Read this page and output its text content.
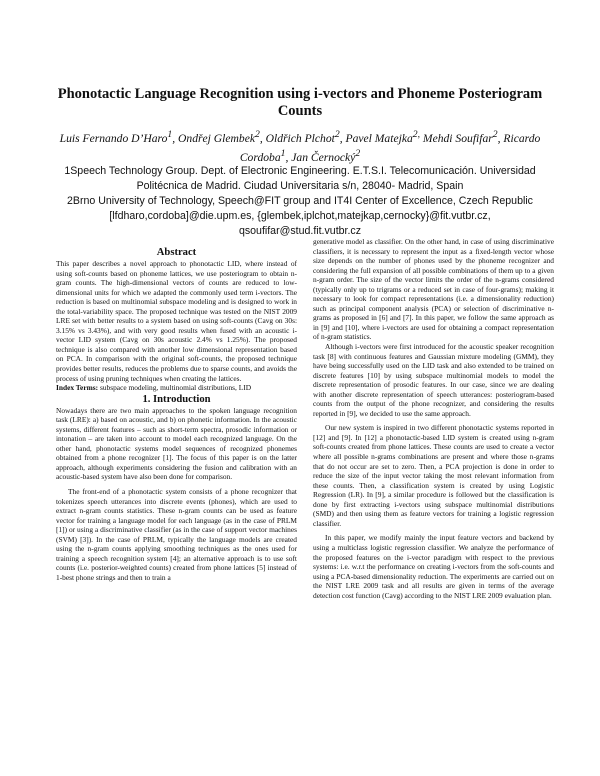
Phonotactic Language Recognition using i-vectors and Phoneme Posteriogram Counts
Luis Fernando D’Haro$^1$, Ondřej Glembek$^2$, Oldřich Plchot$^2$, Pavel Matejka$^{2,}$ Mehdi Soufifar$^2$, Ricardo Cordoba$^1$, Jan Černocký$^2$

1Speech Technology Group. Dept. of Electronic Engineering. E.T.S.I. Telecomunicación. Universidad Politécnica de Madrid. Ciudad Universitaria s/n, 28040- Madrid, Spain

2Brno University of Technology, Speech@FIT group and IT4I Center of Excellence, Czech Republic

[lfdharo,cordoba]@die.upm.es, {glembek,iplchot,matejkap,cernocky}@fit.vutbr.cz,

qsoufifar@stud.fit.vutbr.cz

Abstract

This paper describes a novel approach to phonotactic LID, where instead of using soft-counts based on phoneme lattices, we use posteriogram to obtain n-gram counts. The high-dimensional vectors of counts are reduced to low-dimensional units for which we adapted the commonly used term i-vectors. The reduction is based on multinomial subspace modeling and is designed to work in the total-variability space. The proposed technique was tested on the NIST 2009 LRE set with better results to a system based on using soft-counts (Cavg on 30s: 3.15% vs 3.43%), and with very good results when fused with an acoustic i-vector LID system (Cavg on 30s acoustic 2.4% vs 1.25%). The proposed technique is also compared with another low dimensional representation based on PCA. In comparison with the original soft-counts, the proposed technique provides better results, reduces the problems due to sparse counts, and avoids the process of using pruning techniques when creating the lattices.

Index Terms: subspace modeling, multinomial distributions, LID

1. Introduction

Nowadays there are two main approaches to the spoken language recognition task (LRE): a) based on acoustic, and b) on phonetic information. In the acoustic systems, different features – such as short-term spectra, prosodic information or intonation – are taken into account to model each recognized language. On the other hand, phonotactic systems model sequences of recognized phonemes obtained from a phone recognizer [1]. The focus of this paper is on the latter approach, although experiments considering the fusion and calibration with an acoustic-based system have also been done for comparison.

The front-end of a phonotactic system consists of a phone recognizer that tokenizes speech utterances into discrete events (phones), which are used to extract n-gram counts statistics. These n-gram counts can be used as feature vector for training a language model for each language (as in the case of PRLM [1]) or using a discriminative classifier (as in the case of support vector machines (SVM) [3]). In the case of PRLM, typically the language models are created using the n-gram counts applying smoothing techniques as the ones used for training a speech recognition system [4]; an alternative approach is to use soft counts (i.e. posterior-weighted counts) created from phone lattices [5] instead of 1-best phone strings and then to train a

generative model as classifier. On the other hand, in case of using discriminative classifiers, it is necessary to represent the input as a fixed-length vector whose size depends on the number of phones used by the phoneme recognizer and considering the full expansion of all possible combinations of them up to a given n-gram order. The size of the vector limits the order of the n-grams considered (typically only up to trigrams or a reduced set in case of four-grams); making it necessary to look for compact representations (i.e. a dimensionality reduction) such as principal component analysis (PCA) or selection of discriminative n-grams as proposed in [6] and [7]. In this paper, we follow the same approach as in [9] and [10], where i-vectors are used for obtaining a compact representation of n-gram statistics.

Although i-vectors were first introduced for the acoustic speaker recognition task [8] with continuous features and Gaussian mixture modeling (GMM), they have being successfully used on the LID task and also extended to be trained on discrete features [10] by using subspace multinomial models to model the discrete representation of prosodic features. In our case, since we are dealing with another discrete representation of speech utterances: posteriogram-based counts from the output of the phone recognizer, and considering the results reported in [9], we decided to use the same approach.

Our new system is inspired in two different phonotactic systems reported in [12] and [9]. In [12] a phonotactic-based LID system is created using n-gram soft-counts created from phone lattices. These counts are used to create a vector where all possible n-grams combinations are present and where those n-grams that do not occur are set to zero. Then, a PCA projection is done in order to reduce the size of the input vector taking the most relevant information from these counts. Then, a classification system is created by using Logistic Regression (LR). In [9], a similar procedure is followed but the classification is done by first extracting i-vectors using subspace multinomial distributions (SMD) and then using them as feature vectors for training a logistic regression classifier.

In this paper, we modify mainly the input feature vectors and backend by using a multiclass logistic regression classifier. We analyze the performance of the proposed features on the i-vector paradigm with respect to the previous systems: i.e. w.r.t the performance on creating i-vectors from the soft-counts and using a PCA-based dimensionality reduction. The experiments are carried out on the NIST LRE 2009 task and all results are given in terms of the average detection cost function (Cavg) according to the NIST LRE 2009 evaluation plan.
